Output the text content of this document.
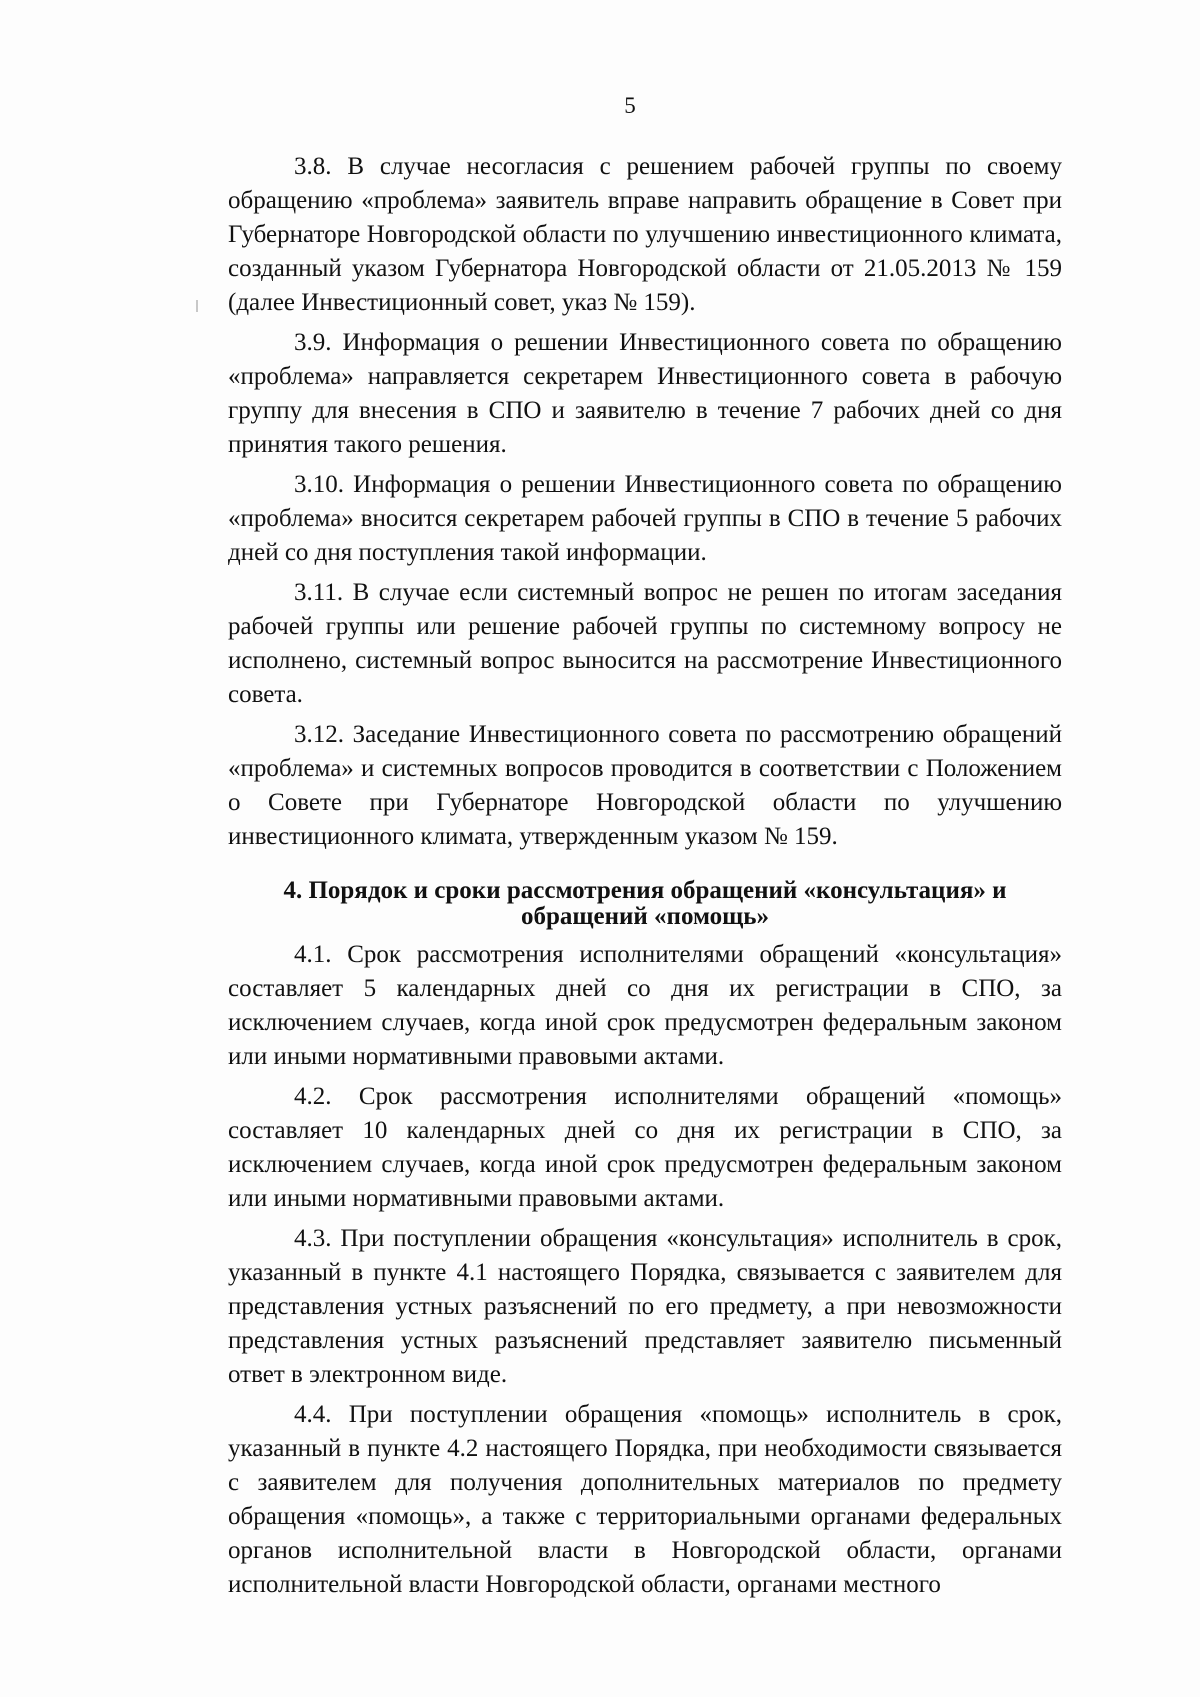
5

3.8. В случае несогласия с решением рабочей группы по своему обращению «проблема» заявитель вправе направить обращение в Совет при Губернаторе Новгородской области по улучшению инвестиционного климата, созданный указом Губернатора Новгородской области от 21.05.2013 № 159 (далее Инвестиционный совет, указ № 159).

3.9. Информация о решении Инвестиционного совета по обращению «проблема» направляется секретарем Инвестиционного совета в рабочую группу для внесения в СПО и заявителю в течение 7 рабочих дней со дня принятия такого решения.

3.10. Информация о решении Инвестиционного совета по обращению «проблема» вносится секретарем рабочей группы в СПО в течение 5 рабочих дней со дня поступления такой информации.

3.11. В случае если системный вопрос не решен по итогам заседания рабочей группы или решение рабочей группы по системному вопросу не исполнено, системный вопрос выносится на рассмотрение Инвестиционного совета.

3.12. Заседание Инвестиционного совета по рассмотрению обращений «проблема» и системных вопросов проводится в соответствии с Положением о Совете при Губернаторе Новгородской области по улучшению инвестиционного климата, утвержденным указом № 159.

4. Порядок и сроки рассмотрения обращений «консультация» и обращений «помощь»

4.1. Срок рассмотрения исполнителями обращений «консультация» составляет 5 календарных дней со дня их регистрации в СПО, за исключением случаев, когда иной срок предусмотрен федеральным законом или иными нормативными правовыми актами.

4.2. Срок рассмотрения исполнителями обращений «помощь» составляет 10 календарных дней со дня их регистрации в СПО, за исключением случаев, когда иной срок предусмотрен федеральным законом или иными нормативными правовыми актами.

4.3. При поступлении обращения «консультация» исполнитель в срок, указанный в пункте 4.1 настоящего Порядка, связывается с заявителем для представления устных разъяснений по его предмету, а при невозможности представления устных разъяснений представляет заявителю письменный ответ в электронном виде.

4.4. При поступлении обращения «помощь» исполнитель в срок, указанный в пункте 4.2 настоящего Порядка, при необходимости связывается с заявителем для получения дополнительных материалов по предмету обращения «помощь», а также с территориальными органами федеральных органов исполнительной власти в Новгородской области, органами исполнительной власти Новгородской области, органами местного
